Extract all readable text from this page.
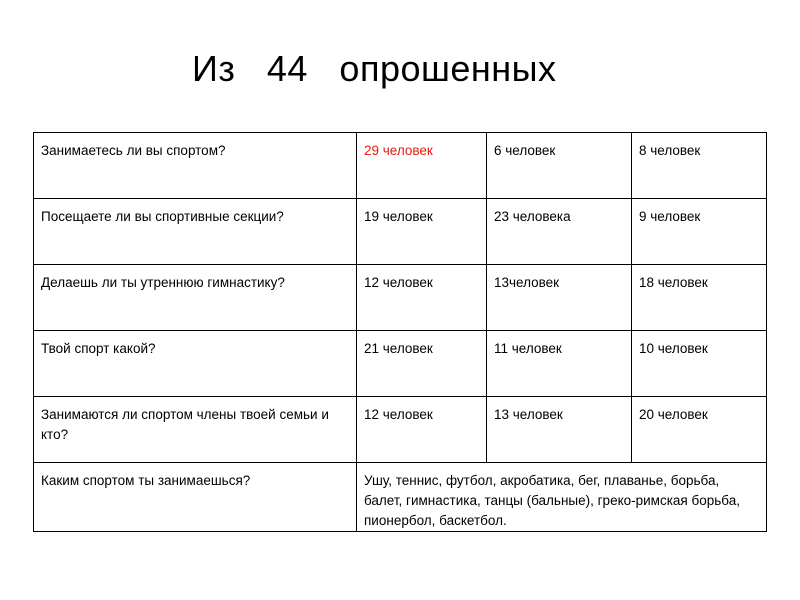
Из   44   опрошенных
Занимаетесь ли вы спортом?	29 человек	6 человек	8 человек
Посещаете ли вы спортивные секции?	19 человек	23 человека	9 человек
Делаешь ли ты утреннюю гимнастику?	12 человек	13человек	18 человек
Твой спорт какой?	21 человек	11 человек	10 человек
Занимаются ли спортом члены твоей семьи и кто?	12 человек	13 человек	20 человек
Каким спортом ты занимаешься?	Ушу, теннис, футбол, акробатика, бег, плаванье, борьба, балет, гимнастика, танцы (бальные), греко-римская борьба, пионербол, баскетбол.		
